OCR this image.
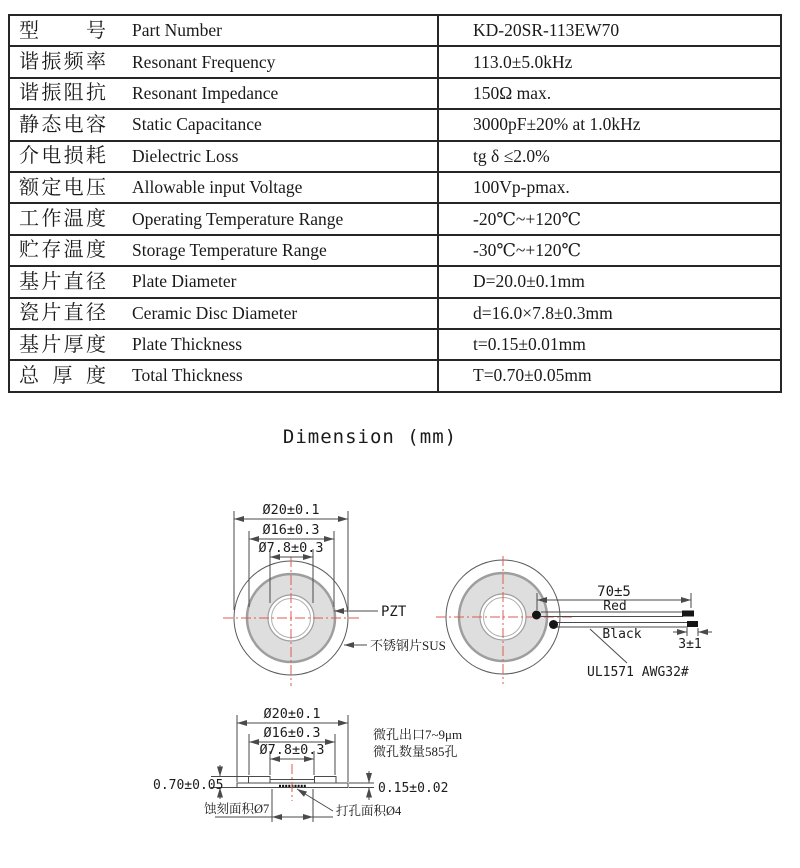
型 号 Part Number	KD-20SR-113EW70
谐振频率 Resonant Frequency	113.0±5.0kHz
谐振阻抗 Resonant Impedance	150Ω max.
静态电容 Static Capacitance	3000pF±20% at 1.0kHz
介电损耗 Dielectric Loss	tg δ ≤2.0%
额定电压 Allowable input Voltage	100Vp-pmax.
工作温度 Operating Temperature Range	-20℃~+120℃
贮存温度 Storage Temperature Range	-30℃~+120℃
基片直径 Plate Diameter	D=20.0±0.1mm
瓷片直径 Ceramic Disc Diameter	d=16.0×7.8±0.3mm
基片厚度 Plate Thickness	t=0.15±0.01mm
总 厚 度 Total Thickness	T=0.70±0.05mm
Dimension (mm)
Ø20±0.1
Ø16±0.3
Ø7.8±0.3
PZT
不锈钢片SUS
70±5
Red
Black
3±1
UL1571 AWG32#
Ø20±0.1
Ø16±0.3
Ø7.8±0.3
0.70±0.05	0.15±0.02
蚀刻面积Ø7	打孔面积Ø4
微孔出口7~9μm
微孔数量585孔
